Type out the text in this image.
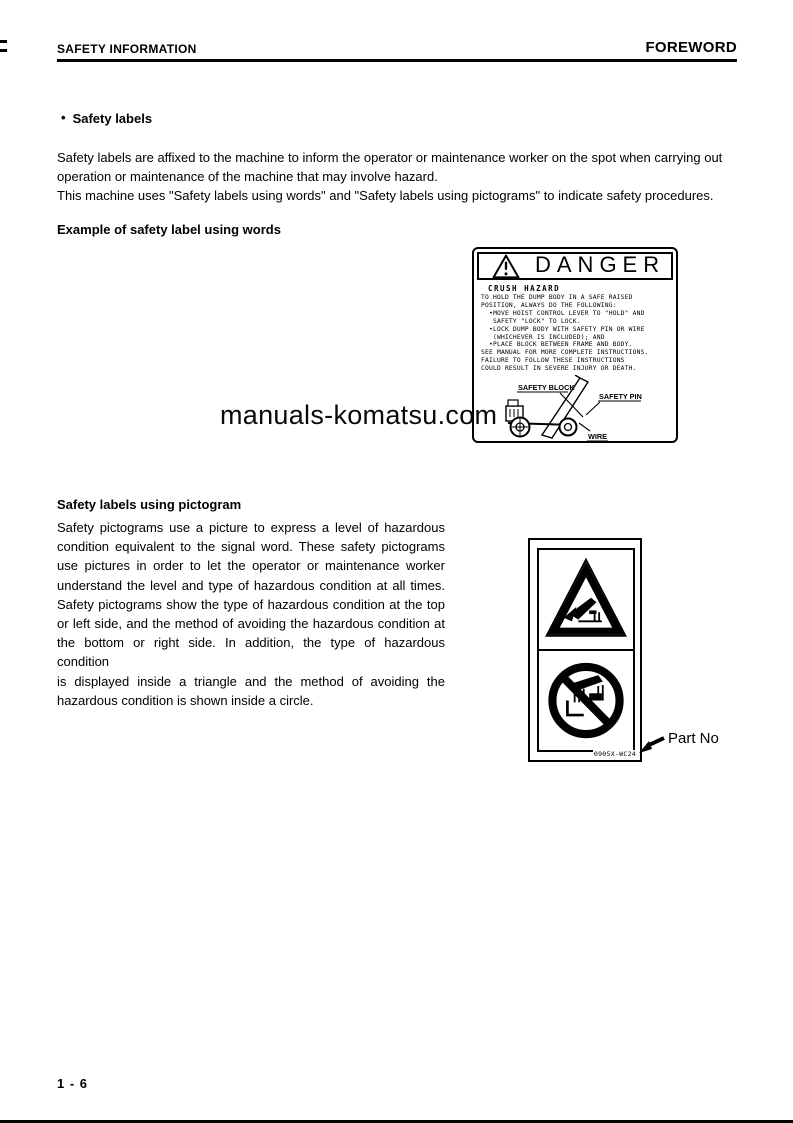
SAFETY INFORMATION	FOREWORD
• Safety labels
Safety labels are affixed to the machine to inform the operator or maintenance worker on the spot when carrying out
operation or maintenance of the machine that may involve hazard.
This machine uses "Safety labels using words" and "Safety labels using pictograms" to indicate safety procedures.
Example of safety label using words
DANGER
CRUSH HAZARD
TO HOLD THE DUMP BODY IN A SAFE RAISED
POSITION, ALWAYS DO THE FOLLOWING:
•MOVE HOIST CONTROL LEVER TO "HOLD" AND
SAFETY "LOCK" TO LOCK.
•LOCK DUMP BODY WITH SAFETY PIN OR WIRE
(WHICHEVER IS INCLUDED); AND
•PLACE BLOCK BETWEEN FRAME AND BODY.
SEE MANUAL FOR MORE COMPLETE INSTRUCTIONS.
FAILURE TO FOLLOW THESE INSTRUCTIONS
COULD RESULT IN SEVERE INJURY OR DEATH.
SAFETY BLOCK
SAFETY PIN
WIRE
manuals-komatsu.com
Safety labels using pictogram
Safety pictograms use a picture to express a level of hazardous
condition equivalent to the signal word. These safety pictograms
use pictures in order to let the operator or maintenance worker
understand the level and type of hazardous condition at all times.
Safety pictograms show the type of hazardous condition at the top
or left side, and the method of avoiding the hazardous condition at
the bottom or right side. In addition, the type of hazardous condition
is displayed inside a triangle and the method of avoiding the
hazardous condition is shown inside a circle.
0905X-WC24
Part No
1 - 6
